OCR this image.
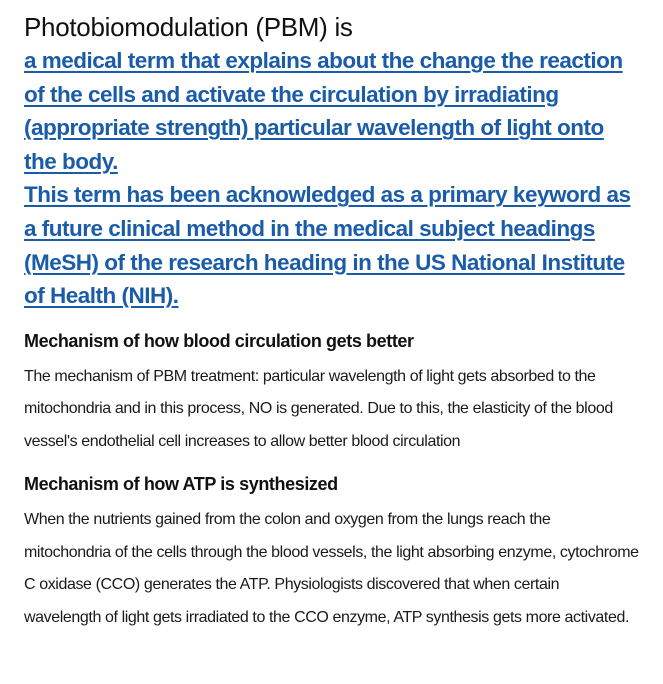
Photobiomodulation (PBM) is

a medical term that explains about the change the reaction of the cells and activate the circulation by irradiating (appropriate strength) particular wavelength of light onto the body.
This term has been acknowledged as a primary keyword as a future clinical method in the medical subject headings (MeSH) of the research heading in the US National Institute of Health (NIH).

Mechanism of how blood circulation gets better

The mechanism of PBM treatment: particular wavelength of light gets absorbed to the mitochondria and in this process, NO is generated. Due to this, the elasticity of the blood vessel's endothelial cell increases to allow better blood circulation

Mechanism of how ATP is synthesized

When the nutrients gained from the colon and oxygen from the lungs reach the mitochondria of the cells through the blood vessels, the light absorbing enzyme, cytochrome C oxidase (CCO) generates the ATP. Physiologists discovered that when certain wavelength of light gets irradiated to the CCO enzyme, ATP synthesis gets more activated.
